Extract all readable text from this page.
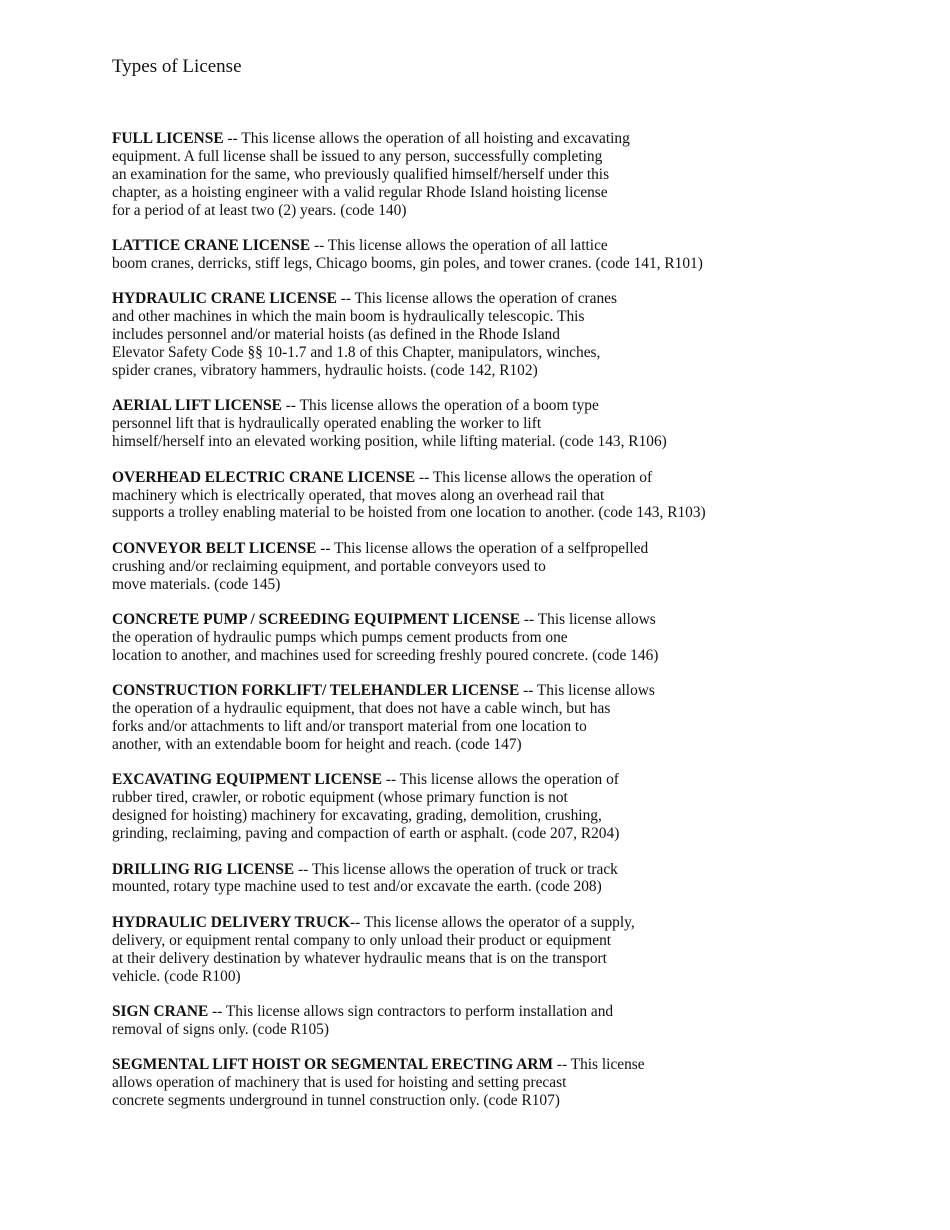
Types of License

FULL LICENSE -- This license allows the operation of all hoisting and excavating
equipment. A full license shall be issued to any person, successfully completing
an examination for the same, who previously qualified himself/herself under this
chapter, as a hoisting engineer with a valid regular Rhode Island hoisting license
for a period of at least two (2) years. (code 140)

LATTICE CRANE LICENSE -- This license allows the operation of all lattice
boom cranes, derricks, stiff legs, Chicago booms, gin poles, and tower cranes. (code 141, R101)

HYDRAULIC CRANE LICENSE -- This license allows the operation of cranes
and other machines in which the main boom is hydraulically telescopic. This
includes personnel and/or material hoists (as defined in the Rhode Island
Elevator Safety Code §§ 10-1.7 and 1.8 of this Chapter, manipulators, winches,
spider cranes, vibratory hammers, hydraulic hoists. (code 142, R102)

AERIAL LIFT LICENSE -- This license allows the operation of a boom type
personnel lift that is hydraulically operated enabling the worker to lift
himself/herself into an elevated working position, while lifting material. (code 143, R106)

OVERHEAD ELECTRIC CRANE LICENSE -- This license allows the operation of
machinery which is electrically operated, that moves along an overhead rail that
supports a trolley enabling material to be hoisted from one location to another. (code 143, R103)

CONVEYOR BELT LICENSE -- This license allows the operation of a selfpropelled
crushing and/or reclaiming equipment, and portable conveyors used to
move materials. (code 145)

CONCRETE PUMP / SCREEDING EQUIPMENT LICENSE -- This license allows
the operation of hydraulic pumps which pumps cement products from one
location to another, and machines used for screeding freshly poured concrete. (code 146)

CONSTRUCTION FORKLIFT/ TELEHANDLER LICENSE -- This license allows
the operation of a hydraulic equipment, that does not have a cable winch, but has
forks and/or attachments to lift and/or transport material from one location to
another, with an extendable boom for height and reach. (code 147)

EXCAVATING EQUIPMENT LICENSE -- This license allows the operation of
rubber tired, crawler, or robotic equipment (whose primary function is not
designed for hoisting) machinery for excavating, grading, demolition, crushing,
grinding, reclaiming, paving and compaction of earth or asphalt. (code 207, R204)

DRILLING RIG LICENSE -- This license allows the operation of truck or track
mounted, rotary type machine used to test and/or excavate the earth. (code 208)

HYDRAULIC DELIVERY TRUCK-- This license allows the operator of a supply,
delivery, or equipment rental company to only unload their product or equipment
at their delivery destination by whatever hydraulic means that is on the transport
vehicle. (code R100)

SIGN CRANE -- This license allows sign contractors to perform installation and
removal of signs only. (code R105)

SEGMENTAL LIFT HOIST OR SEGMENTAL ERECTING ARM -- This license
allows operation of machinery that is used for hoisting and setting precast
concrete segments underground in tunnel construction only. (code R107)
